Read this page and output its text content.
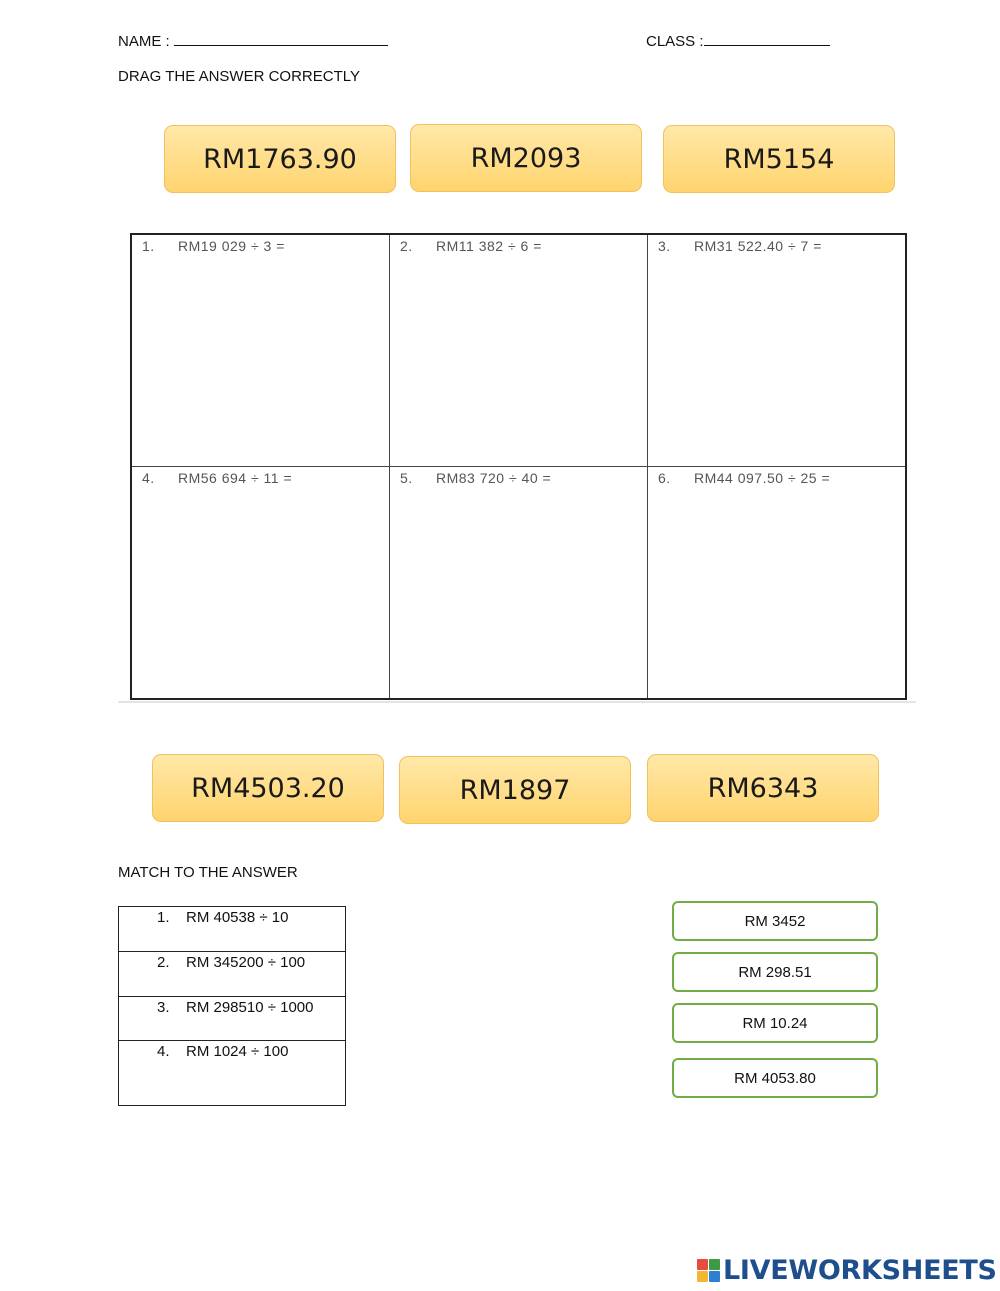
NAME :	CLASS :
DRAG THE ANSWER CORRECTLY
RM1763.90	RM2093	RM5154
1. RM19 029 ÷ 3 =	2. RM11 382 ÷ 6 =	3. RM31 522.40 ÷ 7 =
4. RM56 694 ÷ 11 =	5. RM83 720 ÷ 40 =	6. RM44 097.50 ÷ 25 =
RM4503.20	RM1897	RM6343
MATCH TO THE ANSWER
1. RM 40538 ÷ 10
2. RM 345200 ÷ 100
3. RM 298510 ÷ 1000
4. RM 1024 ÷ 100
RM 3452
RM 298.51
RM 10.24
RM 4053.80
LIVEWORKSHEETS
